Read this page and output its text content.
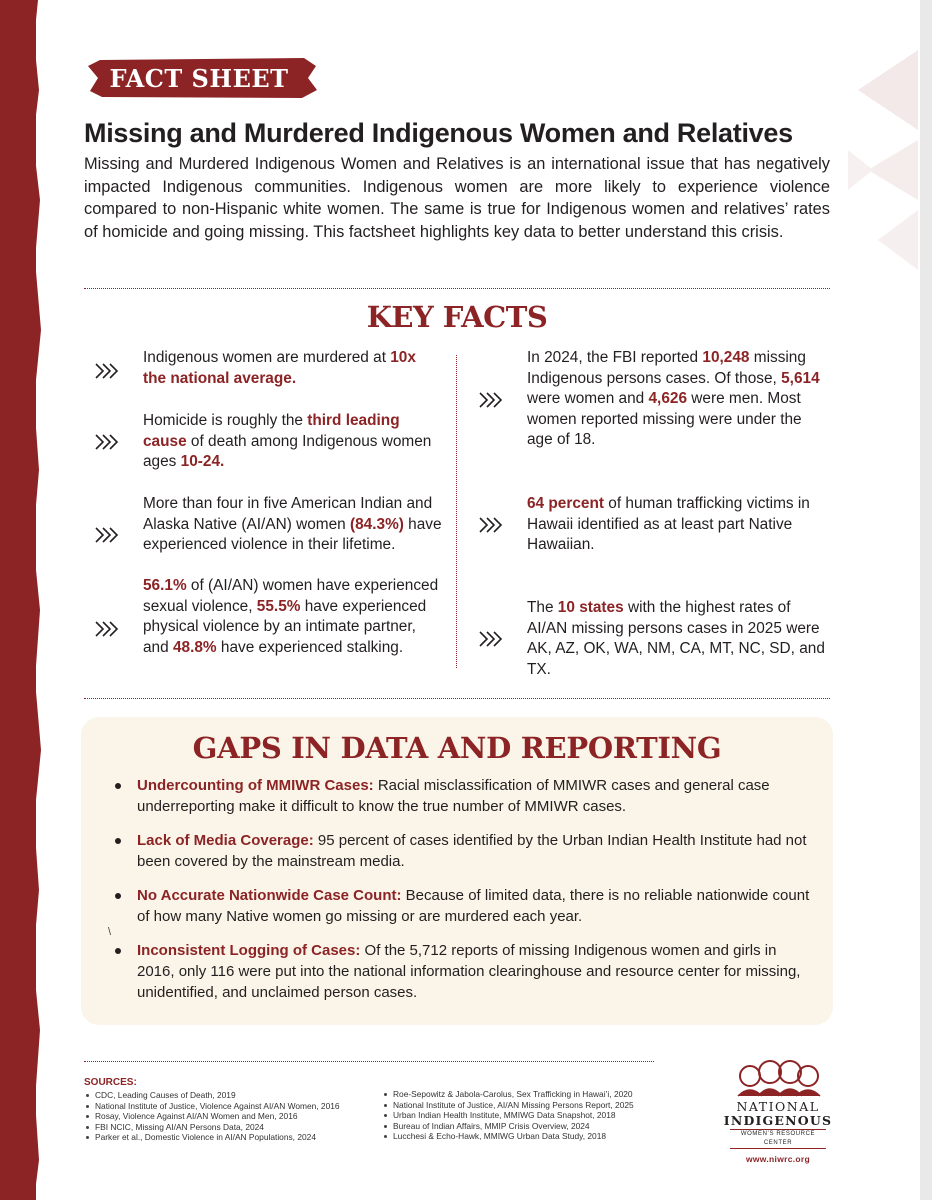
FACT SHEET
Missing and Murdered Indigenous Women and Relatives

Missing and Murdered Indigenous Women and Relatives is an international issue that has negatively impacted Indigenous communities. Indigenous women are more likely to experience violence compared to non-Hispanic white women. The same is true for Indigenous women and relatives’ rates of homicide and going missing. This factsheet highlights key data to better understand this crisis.

KEY FACTS
Indigenous women are murdered at 10x the national average.
Homicide is roughly the third leading cause of death among Indigenous women ages 10-24.
More than four in five American Indian and Alaska Native (AI/AN) women (84.3%) have experienced violence in their lifetime.
56.1% of (AI/AN) women have experienced sexual violence, 55.5% have experienced physical violence by an intimate partner, and 48.8% have experienced stalking.
In 2024, the FBI reported 10,248 missing Indigenous persons cases. Of those, 5,614 were women and 4,626 were men. Most women reported missing were under the age of 18.
64 percent of human trafficking victims in Hawaii identified as at least part Native Hawaiian.
The 10 states with the highest rates of AI/AN missing persons cases in 2025 were AK, AZ, OK, WA, NM, CA, MT, NC, SD, and TX.
GAPS IN DATA AND REPORTING
Undercounting of MMIWR Cases: Racial misclassification of MMIWR cases and general case underreporting make it difficult to know the true number of MMIWR cases.
Lack of Media Coverage: 95 percent of cases identified by the Urban Indian Health Institute had not been covered by the mainstream media.
No Accurate Nationwide Case Count: Because of limited data, there is no reliable nationwide count of how many Native women go missing or are murdered each year.
\
Inconsistent Logging of Cases: Of the 5,712 reports of missing Indigenous women and girls in 2016, only 116 were put into the national information clearinghouse and resource center for missing, unidentified, and unclaimed person cases.
SOURCES:
CDC, Leading Causes of Death, 2019
National Institute of Justice, Violence Against AI/AN Women, 2016
Rosay, Violence Against AI/AN Women and Men, 2016
FBI NCIC, Missing AI/AN Persons Data, 2024
Parker et al., Domestic Violence in AI/AN Populations, 2024
Roe-Sepowitz & Jabola-Carolus, Sex Trafficking in Hawai’i, 2020
National Institute of Justice, AI/AN Missing Persons Report, 2025
Urban Indian Health Institute, MMIWG Data Snapshot, 2018
Bureau of Indian Affairs, MMIP Crisis Overview, 2024
Lucchesi & Echo-Hawk, MMIWG Urban Data Study, 2018
NATIONAL
INDIGENOUS
WOMEN’S RESOURCE CENTER
www.niwrc.org
